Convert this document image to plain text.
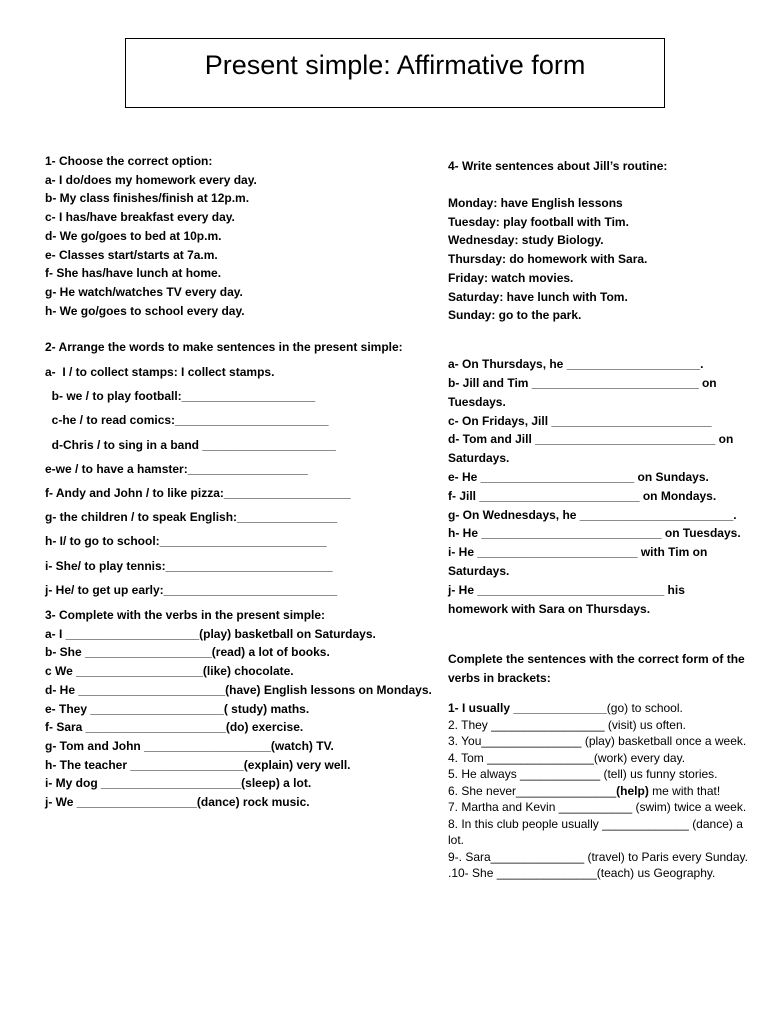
Present simple: Affirmative form
1- Choose the correct option:
a- I do/does my homework every day.
b- My class finishes/finish at 12p.m.
c- I has/have breakfast every day.
d- We go/goes to bed at 10p.m.
e- Classes start/starts at 7a.m.
f- She has/have lunch at home.
g- He watch/watches TV every day.
h- We go/goes to school every day.
2- Arrange the words to make sentences in the present simple:
a-  I / to collect stamps: I collect stamps.
b- we / to play football:____________________
c-he / to read comics:_______________________
d-Chris / to sing in a band ____________________
e-we / to have a hamster:__________________
f- Andy and John / to like pizza:___________________
g- the children / to speak English:_______________
h- I/ to go to school:_________________________
i- She/ to play tennis:_________________________
j- He/ to get up early:__________________________
3- Complete with the verbs in the present simple:
a- I ____________________(play) basketball on Saturdays.
b- She ___________________(read) a lot of books.
c We ___________________(like) chocolate.
d- He ______________________(have) English lessons on Mondays.
e- They ____________________( study) maths.
f- Sara _____________________(do) exercise.
g- Tom and John ___________________(watch) TV.
h- The teacher _________________(explain) very well.
i- My dog _____________________(sleep) a lot.
j- We __________________(dance) rock music.
4- Write sentences about Jill’s routine:
Monday: have English lessons
Tuesday: play football with Tim.
Wednesday: study Biology.
Thursday: do homework with Sara.
Friday: watch movies.
Saturday: have lunch with Tom.
Sunday: go to the park.
a- On Thursdays, he ____________________.
b- Jill and Tim _________________________ on Tuesdays.
c- On Fridays, Jill ________________________
d- Tom and Jill ___________________________ on Saturdays.
e- He _______________________ on Sundays.
f- Jill ________________________ on Mondays.
g- On Wednesdays, he _______________________.
h- He ___________________________ on Tuesdays.
i- He ________________________ with Tim on Saturdays.
j- He ____________________________ his homework with Sara on Thursdays.
Complete the sentences with the correct form of the verbs in brackets:
1- I usually ______________(go) to school.
2. They _________________ (visit) us often.
3. You_______________ (play) basketball once a week.
4. Tom ________________(work) every day.
5. He always ____________ (tell) us funny stories.
6. She never_______________(help) me with that!
7. Martha and Kevin ___________ (swim) twice a week.
8. In this club people usually _____________ (dance) a lot.
9-. Sara______________ (travel) to Paris every Sunday.
.10- She _______________(teach) us Geography.
